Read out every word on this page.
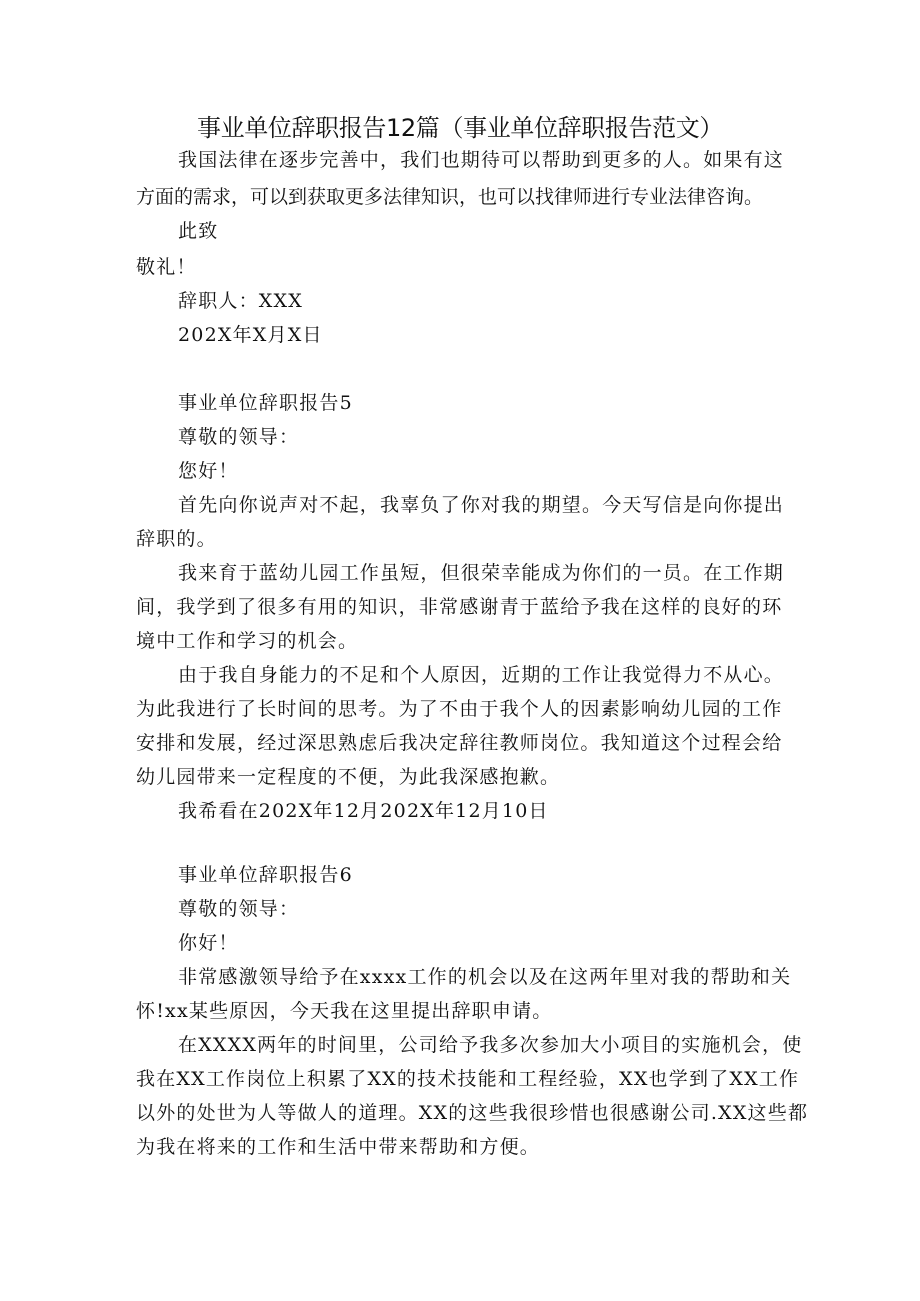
事业单位辞职报告12篇（事业单位辞职报告范文）
我国法律在逐步完善中，我们也期待可以帮助到更多的人。如果有这
方面的需求，可以到获取更多法律知识，也可以找律师进行专业法律咨询。
此致
敬礼！
辞职人：XXX
202X年X月X日
事业单位辞职报告5
尊敬的领导：
您好！
首先向你说声对不起，我辜负了你对我的期望。今天写信是向你提出
辞职的。
我来育于蓝幼儿园工作虽短，但很荣幸能成为你们的一员。在工作期
间，我学到了很多有用的知识，非常感谢青于蓝给予我在这样的良好的环
境中工作和学习的机会。
由于我自身能力的不足和个人原因，近期的工作让我觉得力不从心。
为此我进行了长时间的思考。为了不由于我个人的因素影响幼儿园的工作
安排和发展，经过深思熟虑后我决定辞往教师岗位。我知道这个过程会给
幼儿园带来一定程度的不便，为此我深感抱歉。
我希看在202X年12月202X年12月10日
事业单位辞职报告6
尊敬的领导：
你好！
非常感激领导给予在xxxx工作的机会以及在这两年里对我的帮助和关
怀!xx某些原因，今天我在这里提出辞职申请。
在XXXX两年的时间里，公司给予我多次参加大小项目的实施机会，使
我在XX工作岗位上积累了XX的技术技能和工程经验，XX也学到了XX工作
以外的处世为人等做人的道理。XX的这些我很珍惜也很感谢公司.XX这些都
为我在将来的工作和生活中带来帮助和方便。
